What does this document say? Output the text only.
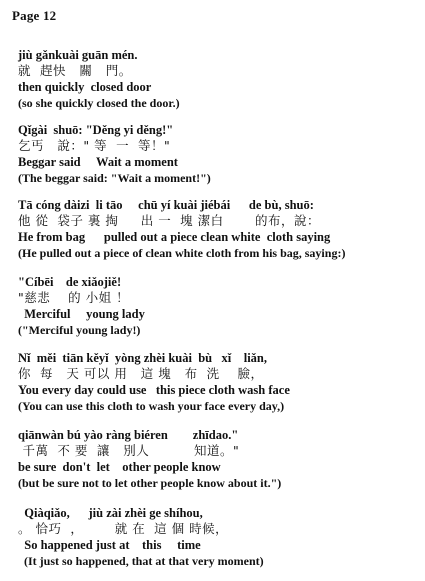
Page 12
jiù gǎnkuài guān mén.
就  趕快   關   門。
then quickly  closed door
(so she quickly closed the door.)
Qǐgài  shuō: "Děng yi děng!"
乞丐   說：" 等  一  等！"
Beggar said     Wait a moment
(The beggar said: "Wait a moment!")
Tā cóng dàizi  li tāo     chū yí kuài jiébái      de bù, shuō:
他 從  袋子 裏 掏     出 一  塊 潔白       的布，說：
He from bag      pulled out a piece clean white  cloth saying
(He pulled out a piece of clean white cloth from his bag, saying:)
"Cíbēi    de xiǎojiě!
"慈悲    的 小姐 ！
Merciful     young lady
("Merciful young lady!)
Nǐ  měi  tiān kěyǐ  yòng zhèi kuài  bù   xǐ    liǎn,
你  每   天 可以 用   這 塊   布  洗    臉，
You every day could use   this piece cloth wash face
(You can use this cloth to wash your face every day,)
qiānwàn bú yào ràng biéren        zhīdao."
千萬  不 要  讓   別人          知道。"
be sure  don't  let    other people know
(but be sure not to let other people know about it.")
Qiàqiǎo,      jiù zài zhèi ge shíhou,
。 恰巧  ，       就 在  這 個 時候，
So happened just at    this     time
(It just so happened, that at that very moment)
